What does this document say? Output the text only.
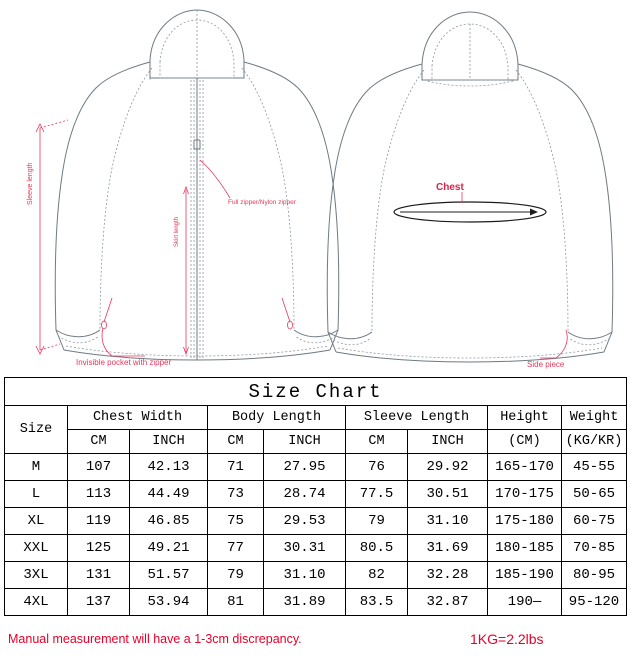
Full zipper/Nylon zipper
Invisible pocket with zipper	Side piece
Chest
Sleeve length
Skirt length
Size Chart								
Size	Chest Width		Body Length		Sleeve Length		Height	Weight
	CM	INCH	CM	INCH	CM	INCH	(CM)	(KG/KR)
M	107	42.13	71	27.95	76	29.92	165-170	45-55
L	113	44.49	73	28.74	77.5	30.51	170-175	50-65
XL	119	46.85	75	29.53	79	31.10	175-180	60-75
XXL	125	49.21	77	30.31	80.5	31.69	180-185	70-85
3XL	131	51.57	79	31.10	82	32.28	185-190	80-95
4XL	137	53.94	81	31.89	83.5	32.87	190—	95-120
Manual measurement will have a 1-3cm discrepancy.	1KG=2.2lbs
